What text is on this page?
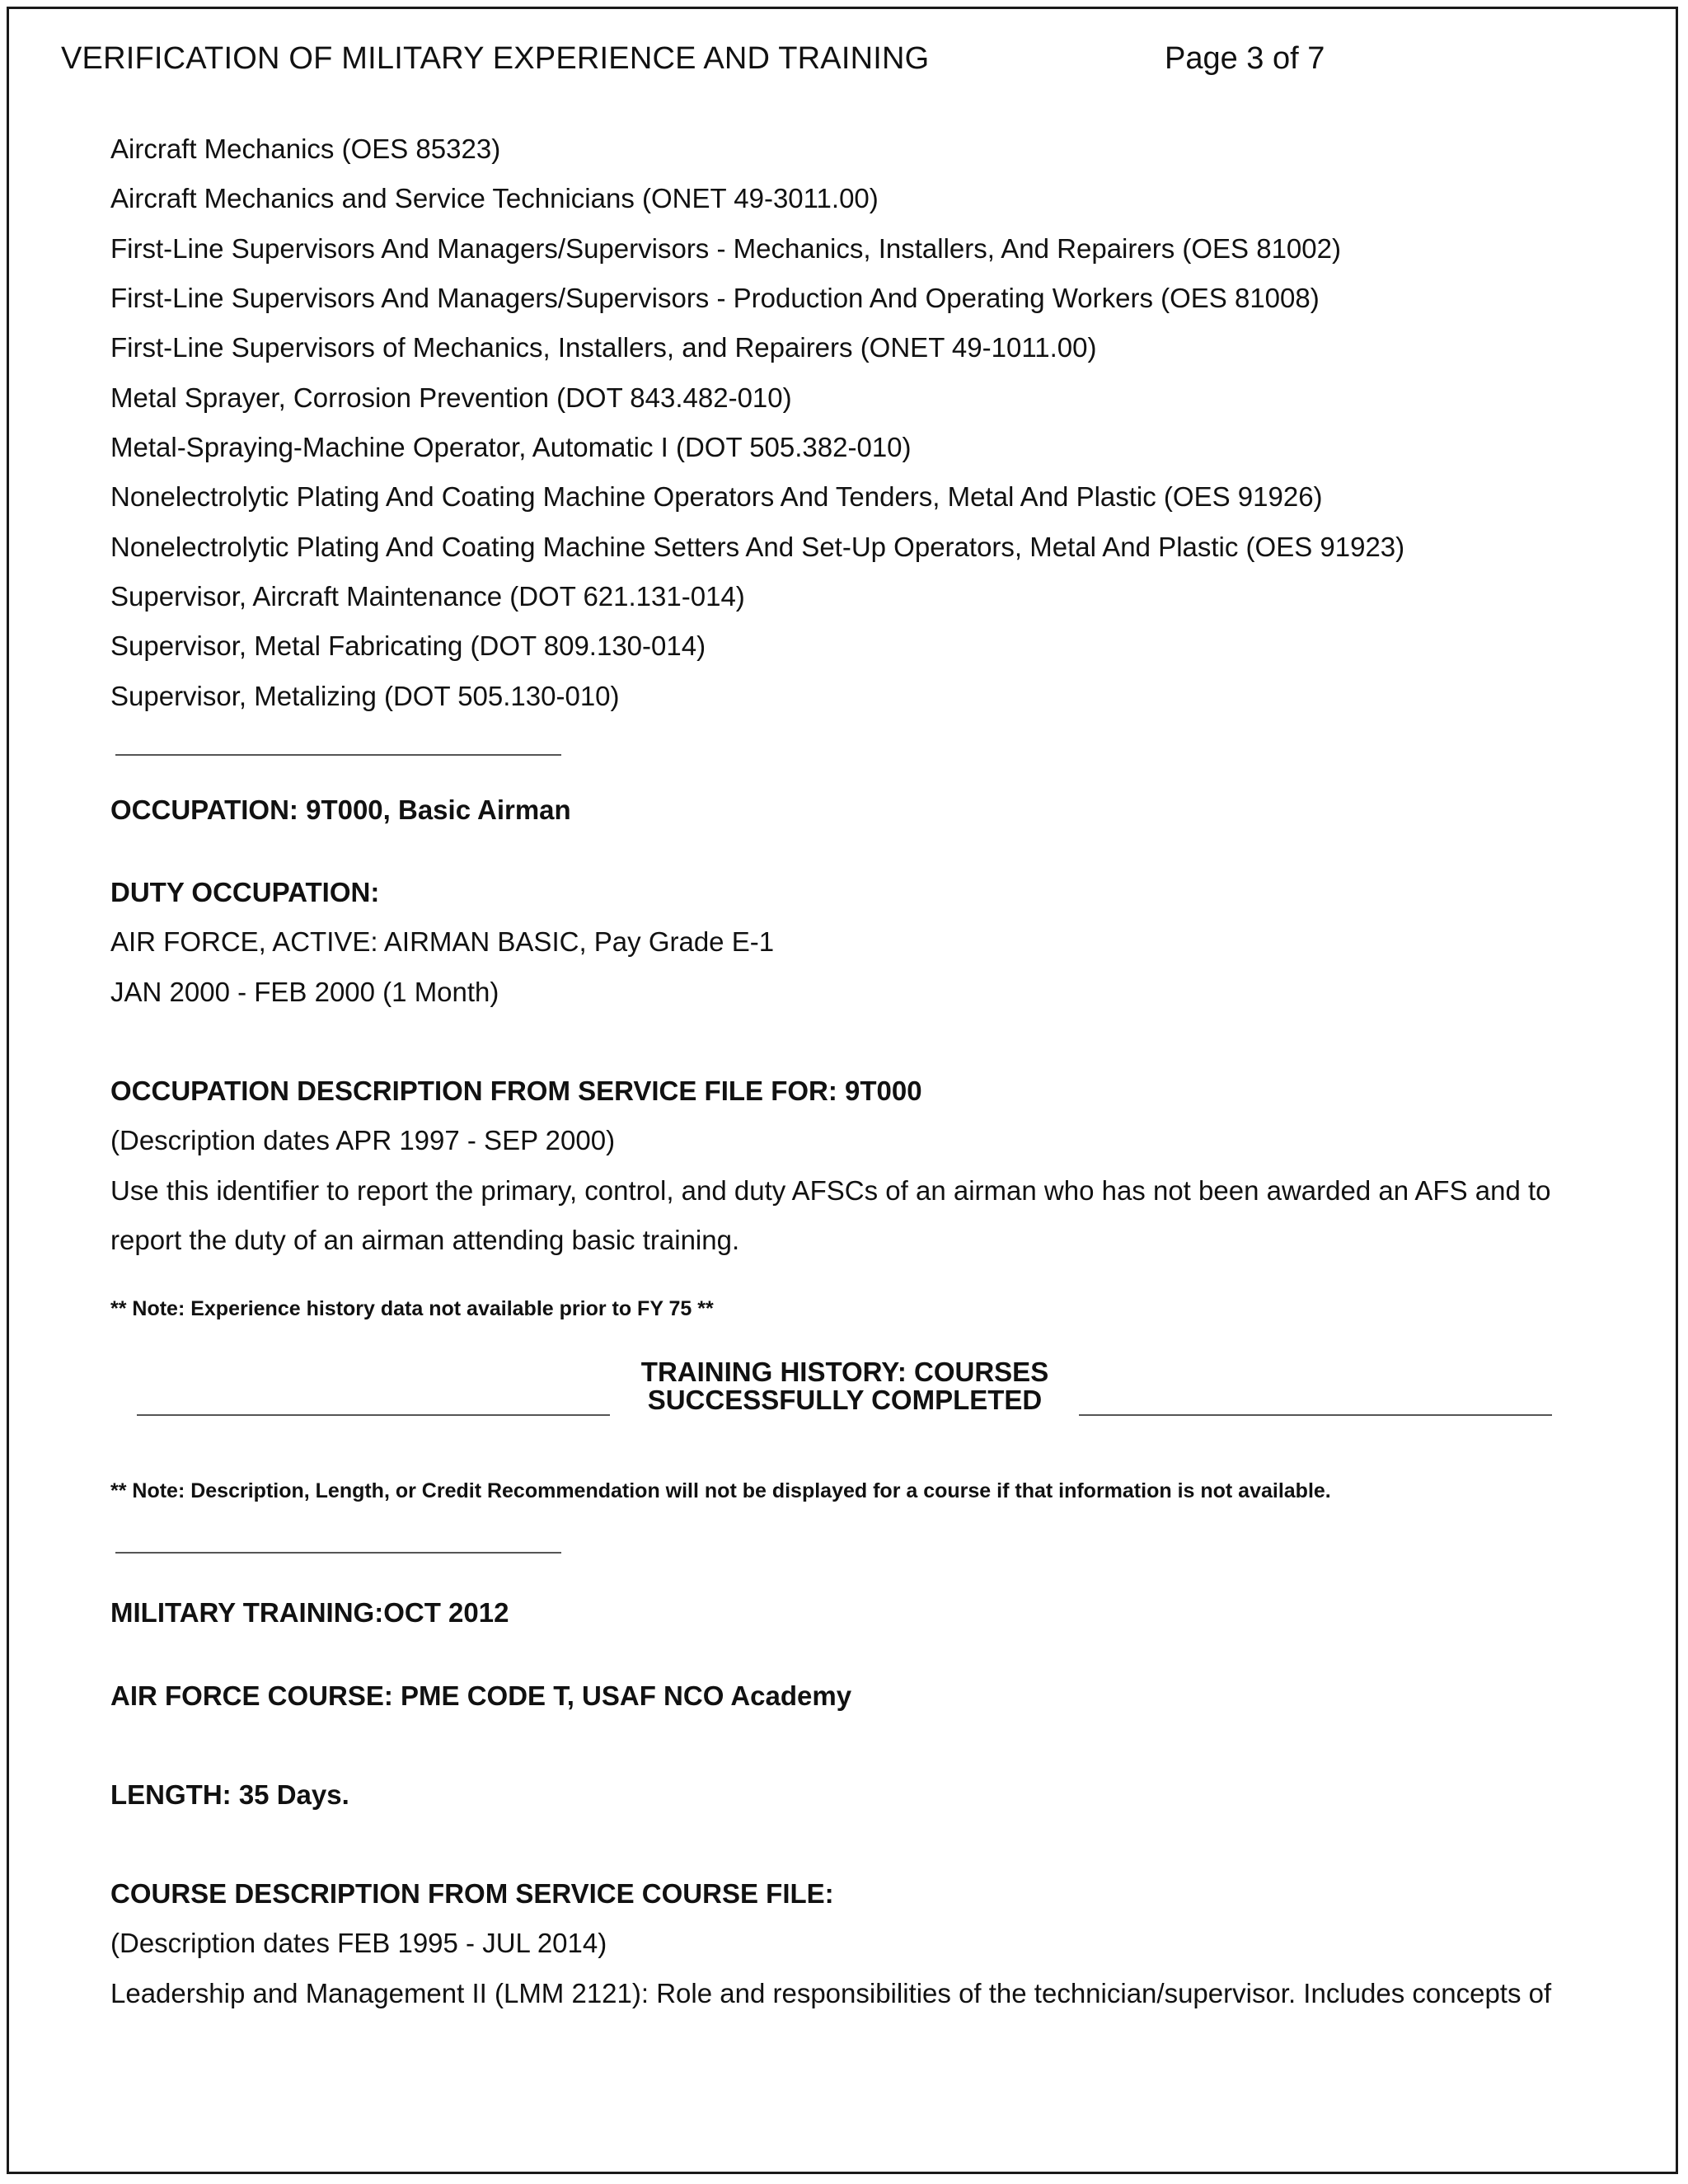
VERIFICATION OF MILITARY EXPERIENCE AND TRAINING	Page 3 of 7
Aircraft Mechanics (OES 85323)
Aircraft Mechanics and Service Technicians (ONET 49-3011.00)
First-Line Supervisors And Managers/Supervisors - Mechanics, Installers, And Repairers (OES 81002)
First-Line Supervisors And Managers/Supervisors - Production And Operating Workers (OES 81008)
First-Line Supervisors of Mechanics, Installers, and Repairers (ONET 49-1011.00)
Metal Sprayer, Corrosion Prevention (DOT 843.482-010)
Metal-Spraying-Machine Operator, Automatic I (DOT 505.382-010)
Nonelectrolytic Plating And Coating Machine Operators And Tenders, Metal And Plastic (OES 91926)
Nonelectrolytic Plating And Coating Machine Setters And Set-Up Operators, Metal And Plastic (OES 91923)
Supervisor, Aircraft Maintenance (DOT 621.131-014)
Supervisor, Metal Fabricating (DOT 809.130-014)
Supervisor, Metalizing (DOT 505.130-010)
OCCUPATION: 9T000, Basic Airman
DUTY OCCUPATION:
AIR FORCE, ACTIVE: AIRMAN BASIC, Pay Grade E-1
JAN 2000 - FEB 2000 (1 Month)
OCCUPATION DESCRIPTION FROM SERVICE FILE FOR: 9T000
(Description dates APR 1997 - SEP 2000)
Use this identifier to report the primary, control, and duty AFSCs of an airman who has not been awarded an AFS and to
report the duty of an airman attending basic training.
** Note: Experience history data not available prior to FY 75 **
TRAINING HISTORY: COURSES
SUCCESSFULLY COMPLETED
** Note: Description, Length, or Credit Recommendation will not be displayed for a course if that information is not available.
MILITARY TRAINING:OCT 2012
AIR FORCE COURSE: PME CODE T, USAF NCO Academy
LENGTH: 35 Days.
COURSE DESCRIPTION FROM SERVICE COURSE FILE:
(Description dates FEB 1995 - JUL 2014)
Leadership and Management II (LMM 2121): Role and responsibilities of the technician/supervisor. Includes concepts of
